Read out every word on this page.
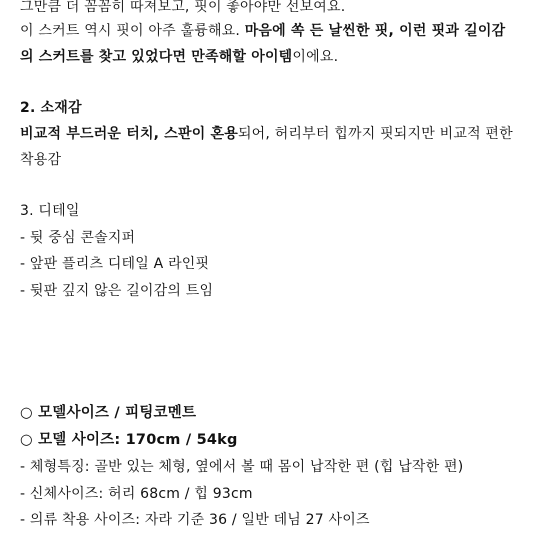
그만큼 더 꼼꼼히 따져보고, 핏이 좋아야만 선보여요.
이 스커트 역시 핏이 아주 훌륭해요. 마음에 쏙 든 날씬한 핏, 이런 핏과 길이감
의 스커트를 찾고 있었다면 만족해할 아이템이에요.
2. 소재감
비교적 부드러운 터치, 스판이 혼용되어, 허리부터 힙까지 핏되지만 비교적 편한
착용감
3. 디테일
- 뒷 중심 콘솔지퍼
- 앞판 플리츠 디테일 A 라인핏
- 뒷판 깊지 않은 길이감의 트임
○ 모델사이즈 / 피팅코멘트
○ 모델 사이즈: 170cm / 54kg
- 체형특징: 골반 있는 체형, 옆에서 볼 때 몸이 납작한 편 (힙 납작한 편)
- 신체사이즈: 허리 68cm / 힙 93cm
- 의류 착용 사이즈: 자라 기준 36 / 일반 데님 27 사이즈
